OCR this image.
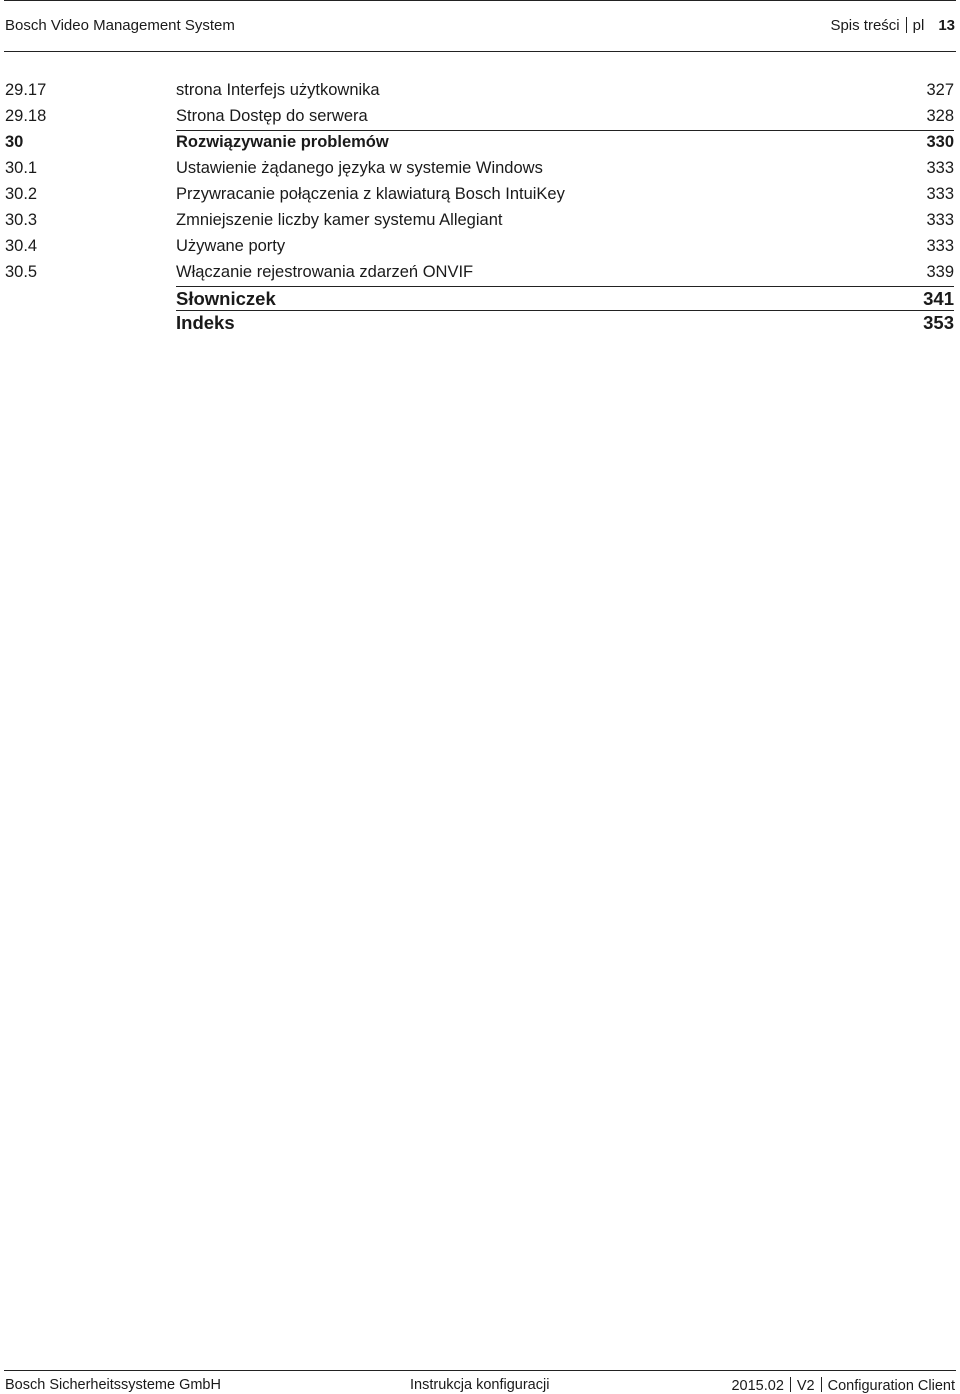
Bosch Video Management System	Spis treści pl 13
29.17	strona Interfejs użytkownika	327
29.18	Strona Dostęp do serwera	328
30	Rozwiązywanie problemów	330
30.1	Ustawienie żądanego języka w systemie Windows	333
30.2	Przywracanie połączenia z klawiaturą Bosch IntuiKey	333
30.3	Zmniejszenie liczby kamer systemu Allegiant	333
30.4	Używane porty	333
30.5	Włączanie rejestrowania zdarzeń ONVIF	339
Słowniczek	341
Indeks	353
Bosch Sicherheitssysteme GmbH	Instrukcja konfiguracji	2015.02 V2 Configuration Client
